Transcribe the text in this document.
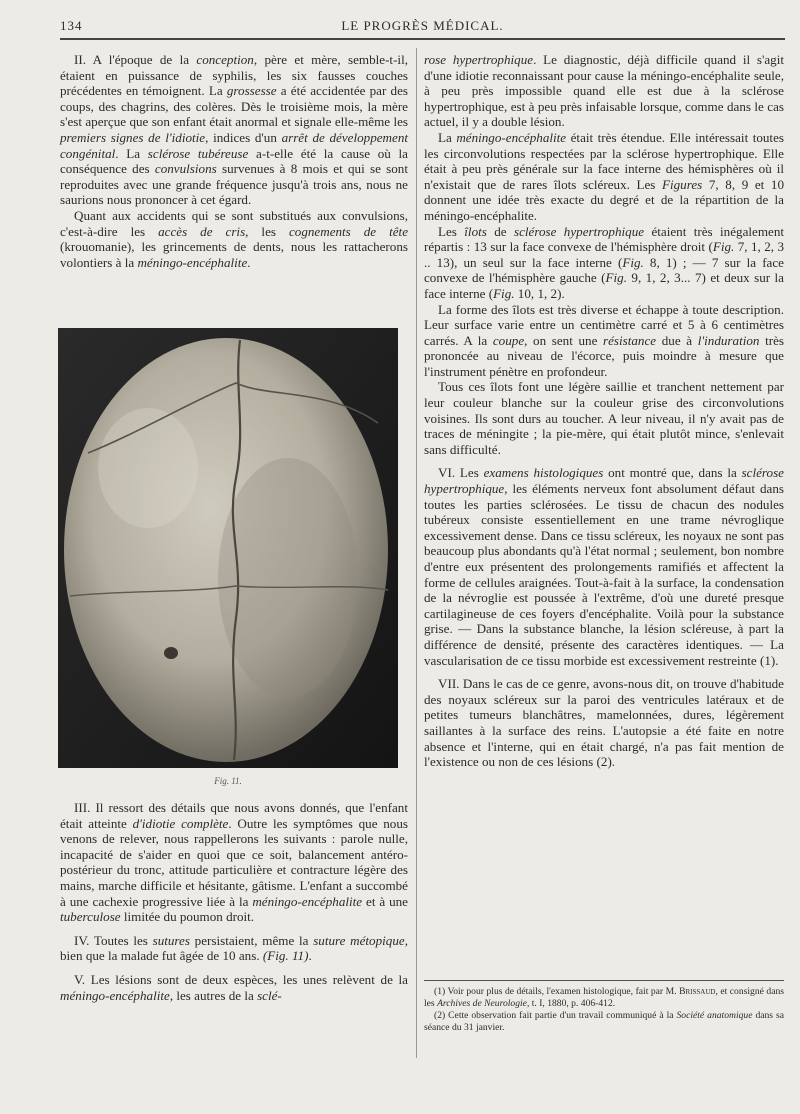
134	LE PROGRÈS MÉDICAL.

II. A l'époque de la conception, père et mère, semble-t-il, étaient en puissance de syphilis, les six fausses couches précédentes en témoignent. La grossesse a été accidentée par des coups, des chagrins, des colères. Dès le troisième mois, la mère s'est aperçue que son enfant était anormal et signale elle-même les premiers signes de l'idiotie, indices d'un arrêt de développement congénital. La sclérose tubéreuse a-t-elle été la cause où la conséquence des convulsions survenues à 8 mois et qui se sont reproduites avec une grande fréquence jusqu'à trois ans, nous ne saurions nous prononcer à cet égard.

Quant aux accidents qui se sont substitués aux convulsions, c'est-à-dire les accès de cris, les cognements de tête (krouomanie), les grincements de dents, nous les rattacherons volontiers à la méningo-encéphalite.

Fig. 11.

III. Il ressort des détails que nous avons donnés, que l'enfant était atteinte d'idiotie complète. Outre les symptômes que nous venons de relever, nous rappellerons les suivants : parole nulle, incapacité de s'aider en quoi que ce soit, balancement antéro-postérieur du tronc, attitude particulière et contracture légère des mains, marche difficile et hésitante, gâtisme. L'enfant a succombé à une cachexie progressive liée à la méningo-encéphalite et à une tuberculose limitée du poumon droit.

IV. Toutes les sutures persistaient, même la suture métopique, bien que la malade fut âgée de 10 ans. (Fig. 11).

V. Les lésions sont de deux espèces, les unes relèvent de la méningo-encéphalite, les autres de la sclé-

rose hypertrophique. Le diagnostic, déjà difficile quand il s'agit d'une idiotie reconnaissant pour cause la méningo-encéphalite seule, à peu près impossible quand elle est due à la sclérose hypertrophique, est à peu près infaisable lorsque, comme dans le cas actuel, il y a double lésion.

La méningo-encéphalite était très étendue. Elle intéressait toutes les circonvolutions respectées par la sclérose hypertrophique. Elle était à peu près générale sur la face interne des hémisphères où il n'existait que de rares îlots scléreux. Les Figures 7, 8, 9 et 10 donnent une idée très exacte du degré et de la répartition de la méningo-encéphalite.

Les îlots de sclérose hypertrophique étaient très inégalement répartis : 13 sur la face convexe de l'hémisphère droit (Fig. 7, 1, 2, 3 .. 13), un seul sur la face interne (Fig. 8, 1) ; — 7 sur la face convexe de l'hémisphère gauche (Fig. 9, 1, 2, 3... 7) et deux sur la face interne (Fig. 10, 1, 2).

La forme des îlots est très diverse et échappe à toute description. Leur surface varie entre un centimètre carré et 5 à 6 centimètres carrés. A la coupe, on sent une résistance due à l'induration très prononcée au niveau de l'écorce, puis moindre à mesure que l'instrument pénètre en profondeur.

Tous ces îlots font une légère saillie et tranchent nettement par leur couleur blanche sur la couleur grise des circonvolutions voisines. Ils sont durs au toucher. A leur niveau, il n'y avait pas de traces de méningite ; la pie-mère, qui était plutôt mince, s'enlevait sans difficulté.

VI. Les examens histologiques ont montré que, dans la sclérose hypertrophique, les éléments nerveux font absolument défaut dans toutes les parties sclérosées. Le tissu de chacun des nodules tubéreux consiste essentiellement en une trame névroglique excessivement dense. Dans ce tissu scléreux, les noyaux ne sont pas beaucoup plus abondants qu'à l'état normal ; seulement, bon nombre d'entre eux présentent des prolongements ramifiés et affectent la forme de cellules araignées. Tout-à-fait à la surface, la condensation de la névroglie est poussée à l'extrême, d'où une dureté presque cartilagineuse de ces foyers d'encéphalite. Voilà pour la substance grise. — Dans la substance blanche, la lésion scléreuse, à part la différence de densité, présente des caractères identiques. — La vascularisation de ce tissu morbide est excessivement restreinte (1).

VII. Dans le cas de ce genre, avons-nous dit, on trouve d'habitude des noyaux scléreux sur la paroi des ventricules latéraux et de petites tumeurs blanchâtres, mamelonnées, dures, légèrement saillantes à la surface des reins. L'autopsie a été faite en notre absence et l'interne, qui en était chargé, n'a pas fait mention de l'existence ou non de ces lésions (2).

(1) Voir pour plus de détails, l'examen histologique, fait par M. Brissaud, et consigné dans les Archives de Neurologie, t. I, 1880, p. 406-412.

(2) Cette observation fait partie d'un travail communiqué à la Société anatomique dans sa séance du 31 janvier.
